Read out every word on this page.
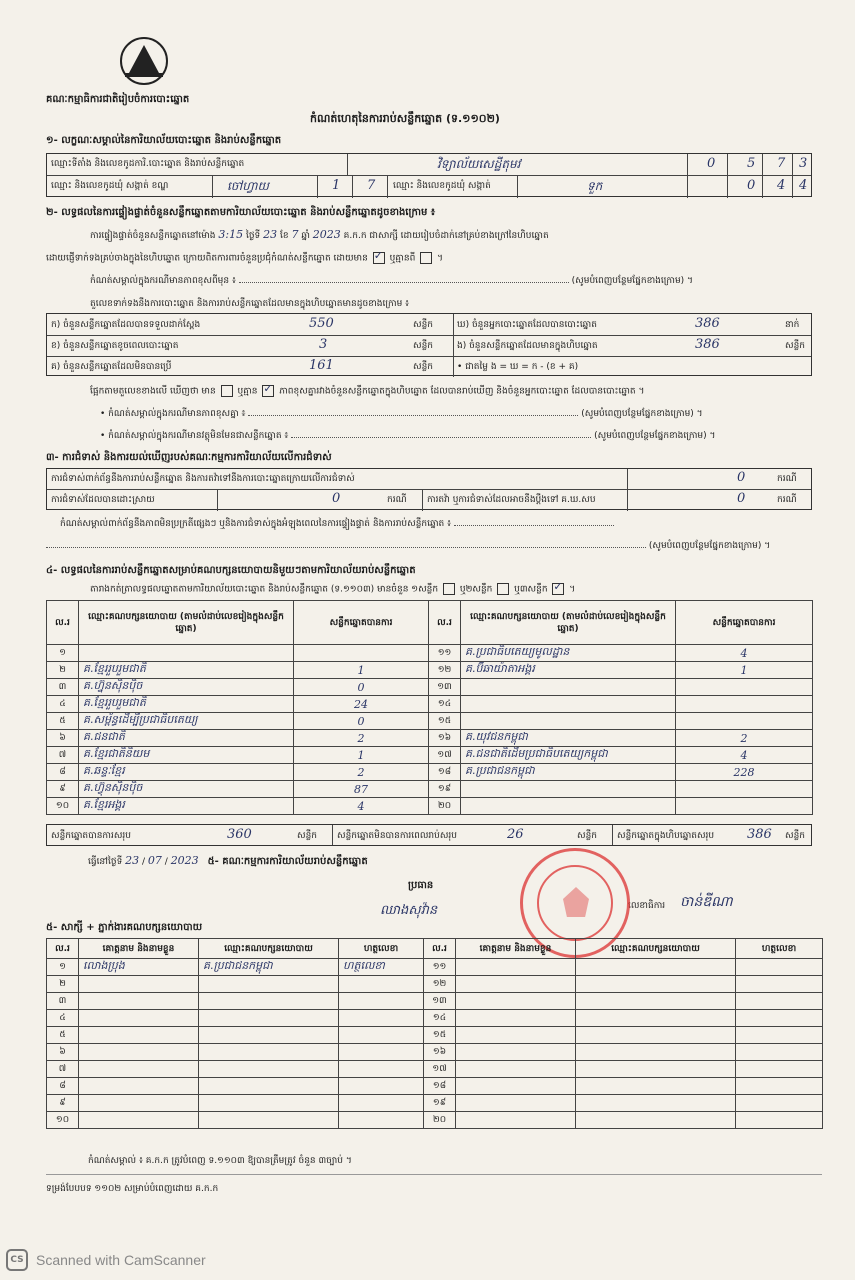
គណៈកម្មាធិការជាតិរៀបចំការបោះឆ្នោត
កំណត់ហេតុនៃការរាប់សន្លឹកឆ្នោត (ទ.១១០២)
១- លក្ខណៈសម្គាល់នៃការិយាល័យបោះឆ្នោត និងរាប់សន្លឹកឆ្នោត
ឈ្មោះទីតាំង និងលេខកូដការិ.បោះឆ្នោត និងរាប់សន្លឹកឆ្នោត	វិទ្យាល័យសេដ្ឋីតុមវ	0 5 7 3
ឈ្មោះ និងលេខកូដឃុំ សង្កាត់ ខណ្ឌ	ចៅហ្វាយ	1 7 ឈ្មោះ និងលេខកូដឃុំ សង្កាត់	ទួក	0 4 4
២- លទ្ធផលនៃការផ្ទៀងផ្ទាត់ចំនួនសន្លឹកឆ្នោតតាមការិយាល័យបោះឆ្នោត និងរាប់សន្លឹកឆ្នោតដូចខាងក្រោម ៖
ការផ្ទៀងផ្ទាត់ចំនួនសន្លឹកឆ្នោតនៅម៉ោង 3:15 ថ្ងៃទី 23 ខែ 7 ឆ្នាំ 2023 គ.ក.ក ជាសាក្សី ដោយរៀបចំដាក់នៅគ្រប់ខាងក្រៅនៃហិបឆ្នោត
ដោយផ្ញើទាក់ទងគ្រប់ចាងក្នុងនៃហិបឆ្នោត ក្រោយពិតការពារចំនួនប្រជុំកំណត់សន្លឹកឆ្នោត ដោយមាន ✓ ឬគ្មានពី  ។
កំណត់សម្គាល់ក្នុងករណីមានភាពខុសពីមុន ៖	(សូមបំពេញបន្ថែមផ្នែកខាងក្រោម) ។
តួលេខទាក់ទងនឹងការបោះឆ្នោត និងការរាប់សន្លឹកឆ្នោតដែលមានក្នុងហិបឆ្នោតមានដូចខាងក្រោម ៖
ក) ចំនួនសន្លឹកឆ្នោតដែលបានទទួលដាក់ស្ពែង	550	សន្លឹក	ឃ) ចំនួនអ្នកបោះឆ្នោតដែលបានបោះឆ្នោត	386	នាក់
ខ) ចំនួនសន្លឹកឆ្នោតខូចពេលបោះឆ្នោត	3	សន្លឹក	ង) ចំនួនសន្លឹកឆ្នោតដែលមានក្នុងហិបឆ្នោត	386	សន្លឹក
គ) ចំនួនសន្លឹកឆ្នោតដែលមិនបានប្រើ	161	សន្លឹក	• ជាតម្លៃ ង = ឃ = ក - (ខ + គ)
ផ្អែកតាមតួលេខខាងលើ ឃើញថា មាន ឬគ្មាន ✓ ភាពខុសគ្នារវាងចំនួនសន្លឹកឆ្នោតក្នុងហិបឆ្នោត ដែលបានរាប់ឃើញ និងចំនួនអ្នកបោះឆ្នោត ដែលបានបោះឆ្នោត ។
• កំណត់សម្គាល់ក្នុងករណីមានភាពខុសគ្នា ៖	(សូមបំពេញបន្ថែមផ្នែកខាងក្រោម) ។
• កំណត់សម្គាល់ក្នុងករណីមានវត្ថុមិនមែនជាសន្លឹកឆ្នោត ៖	(សូមបំពេញបន្ថែមផ្នែកខាងក្រោម) ។
៣- ការជំទាស់ និងការយល់ឃើញរបស់គណៈកម្មការការិយាល័យលើការជំទាស់
ការជំទាស់ពាក់ព័ន្ធនឹងការរាប់សន្លឹកឆ្នោត និងការតវ៉ាទៅនឹងការបោះឆ្នោតក្រោយលើការជំទាស់	0	ករណី
ការជំទាស់ដែលបានដោះស្រាយ	0	ករណី ការតវ៉ា ឬការជំទាស់ដែលអាចនឹងប្តឹងទៅ គ.ឃ.សប	0	ករណី
កំណត់សម្គាល់ពាក់ព័ន្ធនឹងភាពមិនប្រក្រតីផ្សេងៗ ឬនិងការជំទាស់ក្នុងអំឡុងពេលនៃការផ្ទៀងផ្ទាត់ និងការរាប់សន្លឹកឆ្នោត ៖
(សូមបំពេញបន្ថែមផ្នែកខាងក្រោម) ។
៤- លទ្ធផលនៃការរាប់សន្លឹកឆ្នោតសម្រាប់គណបក្សនយោបាយនិមួយៗតាមការិយាល័យរាប់សន្លឹកឆ្នោត
តារាងកត់ត្រាលទ្ធផលឆ្នោតតាមការិយាល័យបោះឆ្នោត និងរាប់សន្លឹកឆ្នោត (ទ.១១០៣) មានចំនួន ១សន្លឹក ឬ២សន្លឹក ឬ៣សន្លឹក ✓ ។
ល.រ	ឈ្មោះគណបក្សនយោបាយ (តាមលំដាប់លេខរៀងក្នុងសន្លឹកឆ្នោត)	សន្លឹកឆ្នោតបានការ	ល.រ	ឈ្មោះគណបក្សនយោបាយ (តាមលំដាប់លេខរៀងក្នុងសន្លឹកឆ្នោត)	សន្លឹកឆ្នោតបានការ
១			១១	គ.ប្រជាធិបតេយ្យមូលដ្ឋាន	4
២	គ.ខ្មែររួបរួមជាតិ	1	១២	គ.ប៊ីឆាយ៉ាតាអង្គរ	1
៣	គ.ហ្វ៊ុនស៊ិនប៉ិច	0	១៣		
៤	គ.ខ្មែររួបរួមជាតិ	24	១៤		
៥	គ.សម្ព័ន្ធដើម្បីប្រជាធិបតេយ្យ	0	១៥		
៦	គ.ជនជាតិ	2	១៦	គ.យុវជនកម្ពុជា	2
៧	គ.ខ្មែរជាតិនិយម	1	១៧	គ.ជនជាតិដើមប្រជាធិបតេយ្យកម្ពុជា	4
៨	គ.ឆន្ទៈខ្មែរ	2	១៨	គ.ប្រជាជនកម្ពុជា	228
៩	គ.ហ៊្វុនស៊ិនប៉ិច	87	១៩		
១០	គ.ខ្មែរអង្គរ	4	២០		
សន្លឹកឆ្នោតបានការសរុប	360	សន្លឹក សន្លឹកឆ្នោតមិនបានការពេលរាប់សរុប	26	សន្លឹក សន្លឹកឆ្នោតក្នុងហិបឆ្នោតសរុប	386 សន្លឹក
ធ្វើនៅថ្ងៃទី 23 / 07 / 2023 ៥- គណៈកម្មការការិយាល័យរាប់សន្លឹកឆ្នោត
ប្រធាន
ឈាងសុវ៉ាន	លេខាធិការ ចាន់ឌីណា
៥- សាក្សី + ភ្នាក់ងារគណបក្សនយោបាយ
ល.រ	គោត្តនាម និងនាមខ្លួន	ឈ្មោះគណបក្សនយោបាយ	ហត្ថលេខា	ល.រ	គោត្តនាម និងនាមខ្លួន	ឈ្មោះគណបក្សនយោបាយ	ហត្ថលេខា
១	លោងប្រុង	គ.ប្រជាជនកម្ពុជា	ហត្ថលេខា	១១			
២				១២			
៣				១៣			
៤				១៤			
៥				១៥			
៦				១៦			
៧				១៧			
៨				១៨			
៩				១៩			
១០				២០			
កំណត់សម្គាល់ ៖ គ.ក.ក ត្រូវបំពេញ ទ.១១០៣ ឱ្យបានត្រឹមត្រូវ ចំនួន ៣ច្បាប់ ។
ទម្រង់បែបបទ ១១០២ សម្រាប់បំពេញដោយ គ.ក.ក
CS Scanned with CamScanner
